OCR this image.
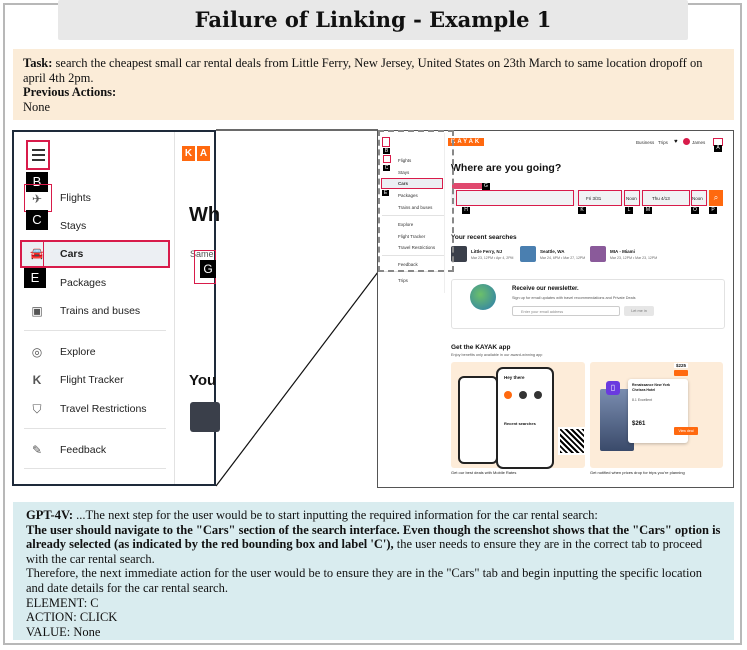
Failure of Linking - Example 1
Task: search the cheapest small car rental deals from Little Ferry, New Jersey, United States on 23th March to same location dropoff on april 4th 2pm.
Previous Actions:
None
B
✈ Flights
C	Stays
🚘 Cars
E	Packages
▣ Trains and buses
◎ Explore
K Flight Tracker
⛉ Travel Restrictions
✎ Feedback
K A
Wh
Same
G
You
KAYAK	Business Trips ♥	James
A
B
Flights
C
Stays
Cars
E	Packages
Trains and buses
Explore
Flight Tracker
Travel Restrictions
Feedback
Trips
Where are you going?
G
Fri 3/31	Noon	Thu 4/13	Noon	⌕
H	K	L	M	O	P
Your recent searches
Little Ferry, NJ
Mar 23, 12PM • Apr 4, 2PM
Seattle, WA
Mar 24, 6PM • Mar 27, 12PM
MIA - Miami
Mar 23, 12PM • Mar 23, 12PM
Receive our newsletter.
Sign up for email updates with travel recommendations and Private Deals
Enter your email address	Let me in
Get the KAYAK app
Enjoy benefits only available in our award-winning app
Hey there
Recent searches
Get our best deals with Mobile Rates
▯	Renaissance New York Chelsea Hotel
8.1 Excellent
$261
$225
View deal
Get notified when prices drop for trips you’re planning
GPT-4V: ...The next step for the user would be to start inputting the required information for the car rental search:
The user should navigate to the "Cars" section of the search interface. Even though the screenshot shows that the "Cars" option is already selected (as indicated by the red bounding box and label 'C'), the user needs to ensure they are in the correct tab to proceed with the car rental search.
Therefore, the next immediate action for the user would be to ensure they are in the "Cars" tab and begin inputting the specific location and date details for the car rental search.
ELEMENT: C
ACTION: CLICK
VALUE: None
